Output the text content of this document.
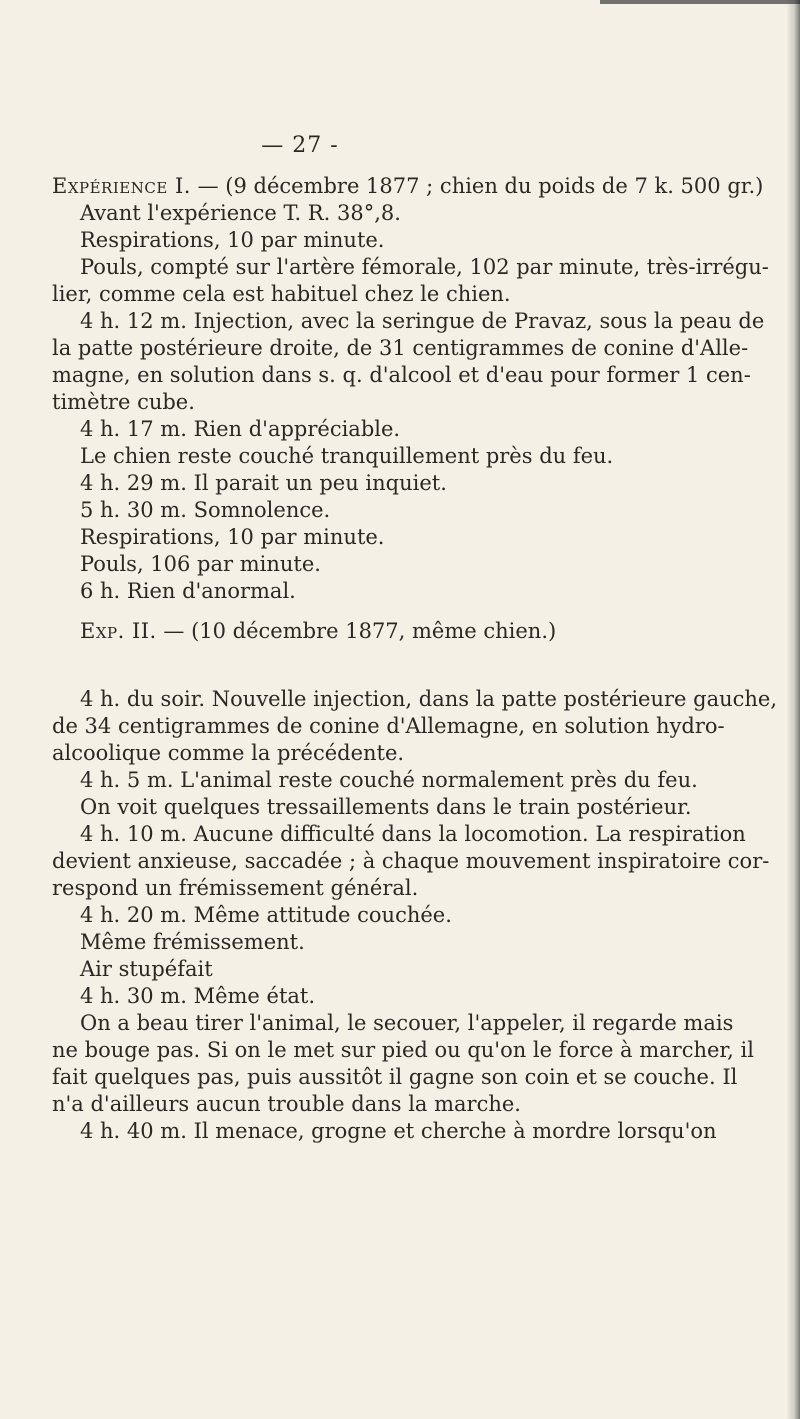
— 27 -
Expérience I. — (9 décembre 1877 ; chien du poids de 7 k. 500 gr.)
Avant l'expérience T. R. 38°,8.
Respirations, 10 par minute.
Pouls, compté sur l'artère fémorale, 102 par minute, très-irrégu-
lier, comme cela est habituel chez le chien.
4 h. 12 m. Injection, avec la seringue de Pravaz, sous la peau de
la patte postérieure droite, de 31 centigrammes de conine d'Alle-
magne, en solution dans s. q. d'alcool et d'eau pour former 1 cen-
timètre cube.
4 h. 17 m. Rien d'appréciable.
Le chien reste couché tranquillement près du feu.
4 h. 29 m. Il parait un peu inquiet.
5 h. 30 m. Somnolence.
Respirations, 10 par minute.
Pouls, 106 par minute.
6 h. Rien d'anormal.
Exp. II. — (10 décembre 1877, même chien.)
4 h. du soir. Nouvelle injection, dans la patte postérieure gauche,
de 34 centigrammes de conine d'Allemagne, en solution hydro-
alcoolique comme la précédente.
4 h. 5 m. L'animal reste couché normalement près du feu.
On voit quelques tressaillements dans le train postérieur.
4 h. 10 m. Aucune difficulté dans la locomotion. La respiration
devient anxieuse, saccadée ; à chaque mouvement inspiratoire cor-
respond un frémissement général.
4 h. 20 m. Même attitude couchée.
Même frémissement.
Air stupéfait
4 h. 30 m. Même état.
On a beau tirer l'animal, le secouer, l'appeler, il regarde mais
ne bouge pas. Si on le met sur pied ou qu'on le force à marcher, il
fait quelques pas, puis aussitôt il gagne son coin et se couche. Il
n'a d'ailleurs aucun trouble dans la marche.
4 h. 40 m. Il menace, grogne et cherche à mordre lorsqu'on
